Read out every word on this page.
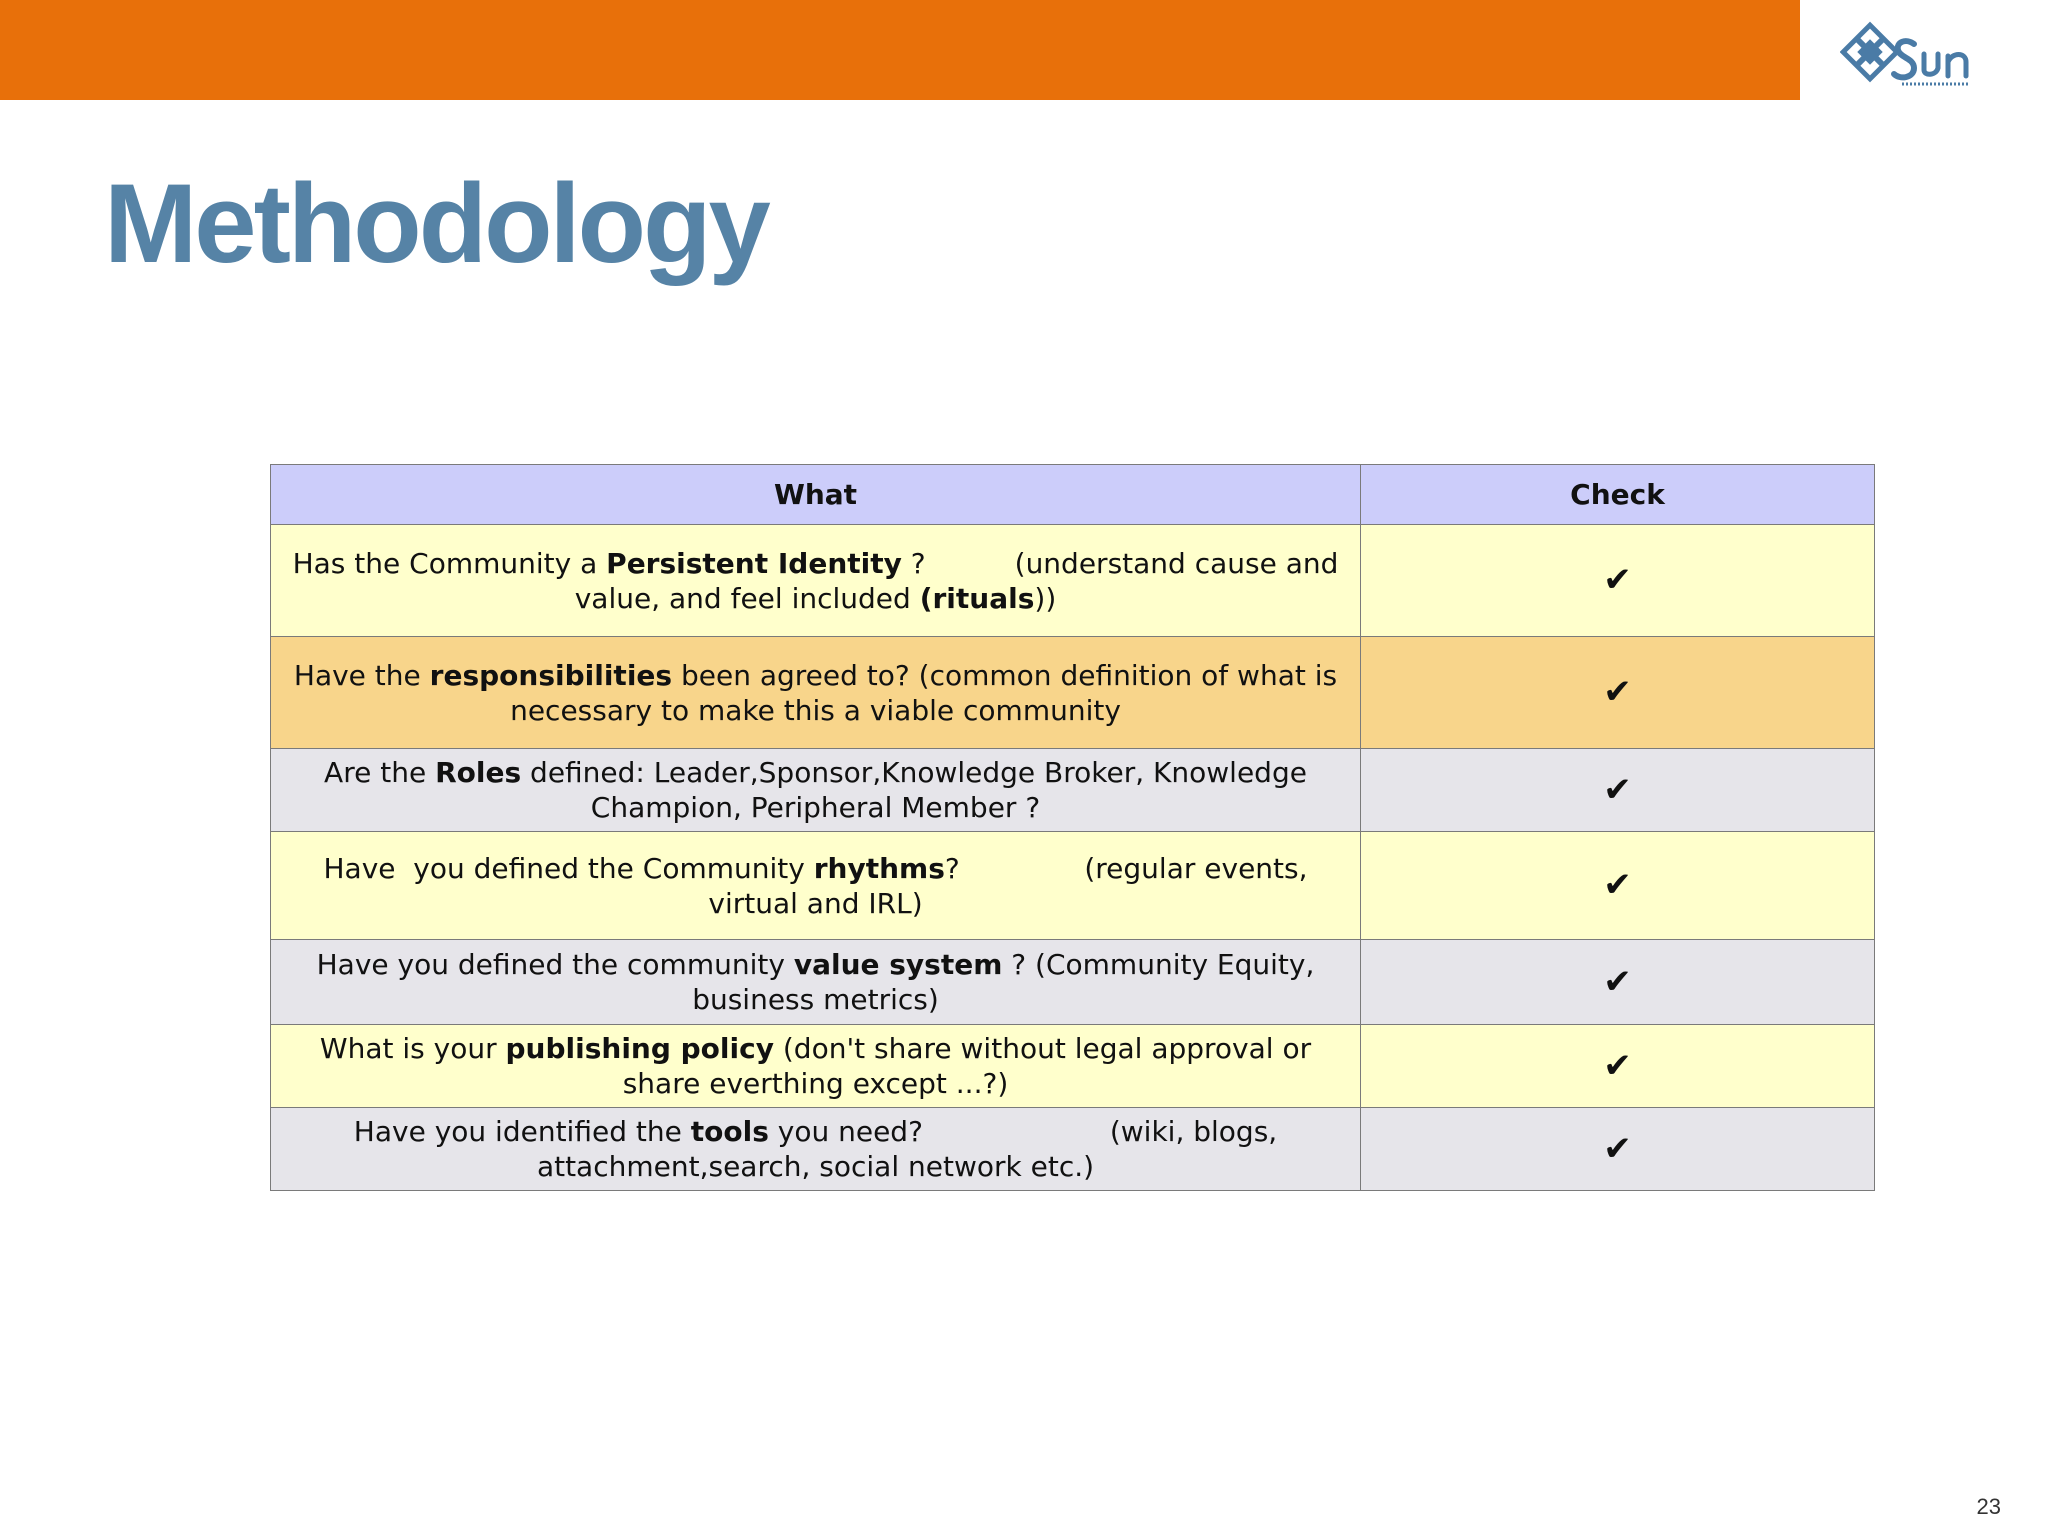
Methodology
What	Check
Has the Community a Persistent Identity ?          (understand cause and value, and feel included (rituals))	✔
Have the responsibilities been agreed to? (common definition of what is necessary to make this a viable community	✔
Are the Roles defined: Leader,Sponsor,Knowledge Broker, Knowledge Champion, Peripheral Member ?	✔
Have  you defined the Community rhythms?              (regular events, virtual and IRL)	✔
Have you defined the community value system ? (Community Equity, business metrics)	✔
What is your publishing policy (don't share without legal approval or share everthing except ...?)	✔
Have you identified the tools you need?                     (wiki, blogs, attachment,search, social network etc.)	✔
23
